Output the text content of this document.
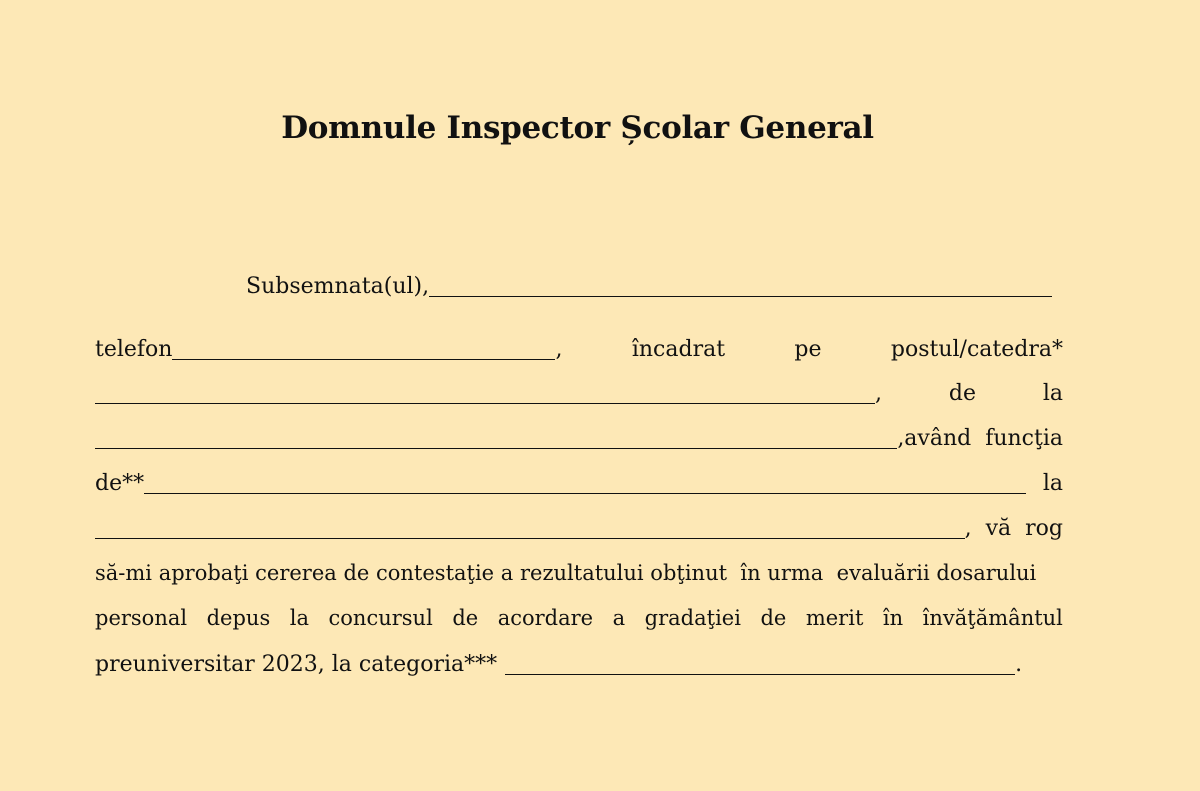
Domnule Inspector Școlar General
Subsemnata(ul),
telefon	,	încadrat	pe	postul/catedra*
,	de	la
,având  funcţia
de**	la
,  vă  rog
să-mi aprobaţi cererea de contestaţie a rezultatului obţinut  în urma  evaluării dosarului
personal depus la concursul de acordare a gradaţiei de merit în învăţământul
preuniversitar 2023, la categoria***	.
